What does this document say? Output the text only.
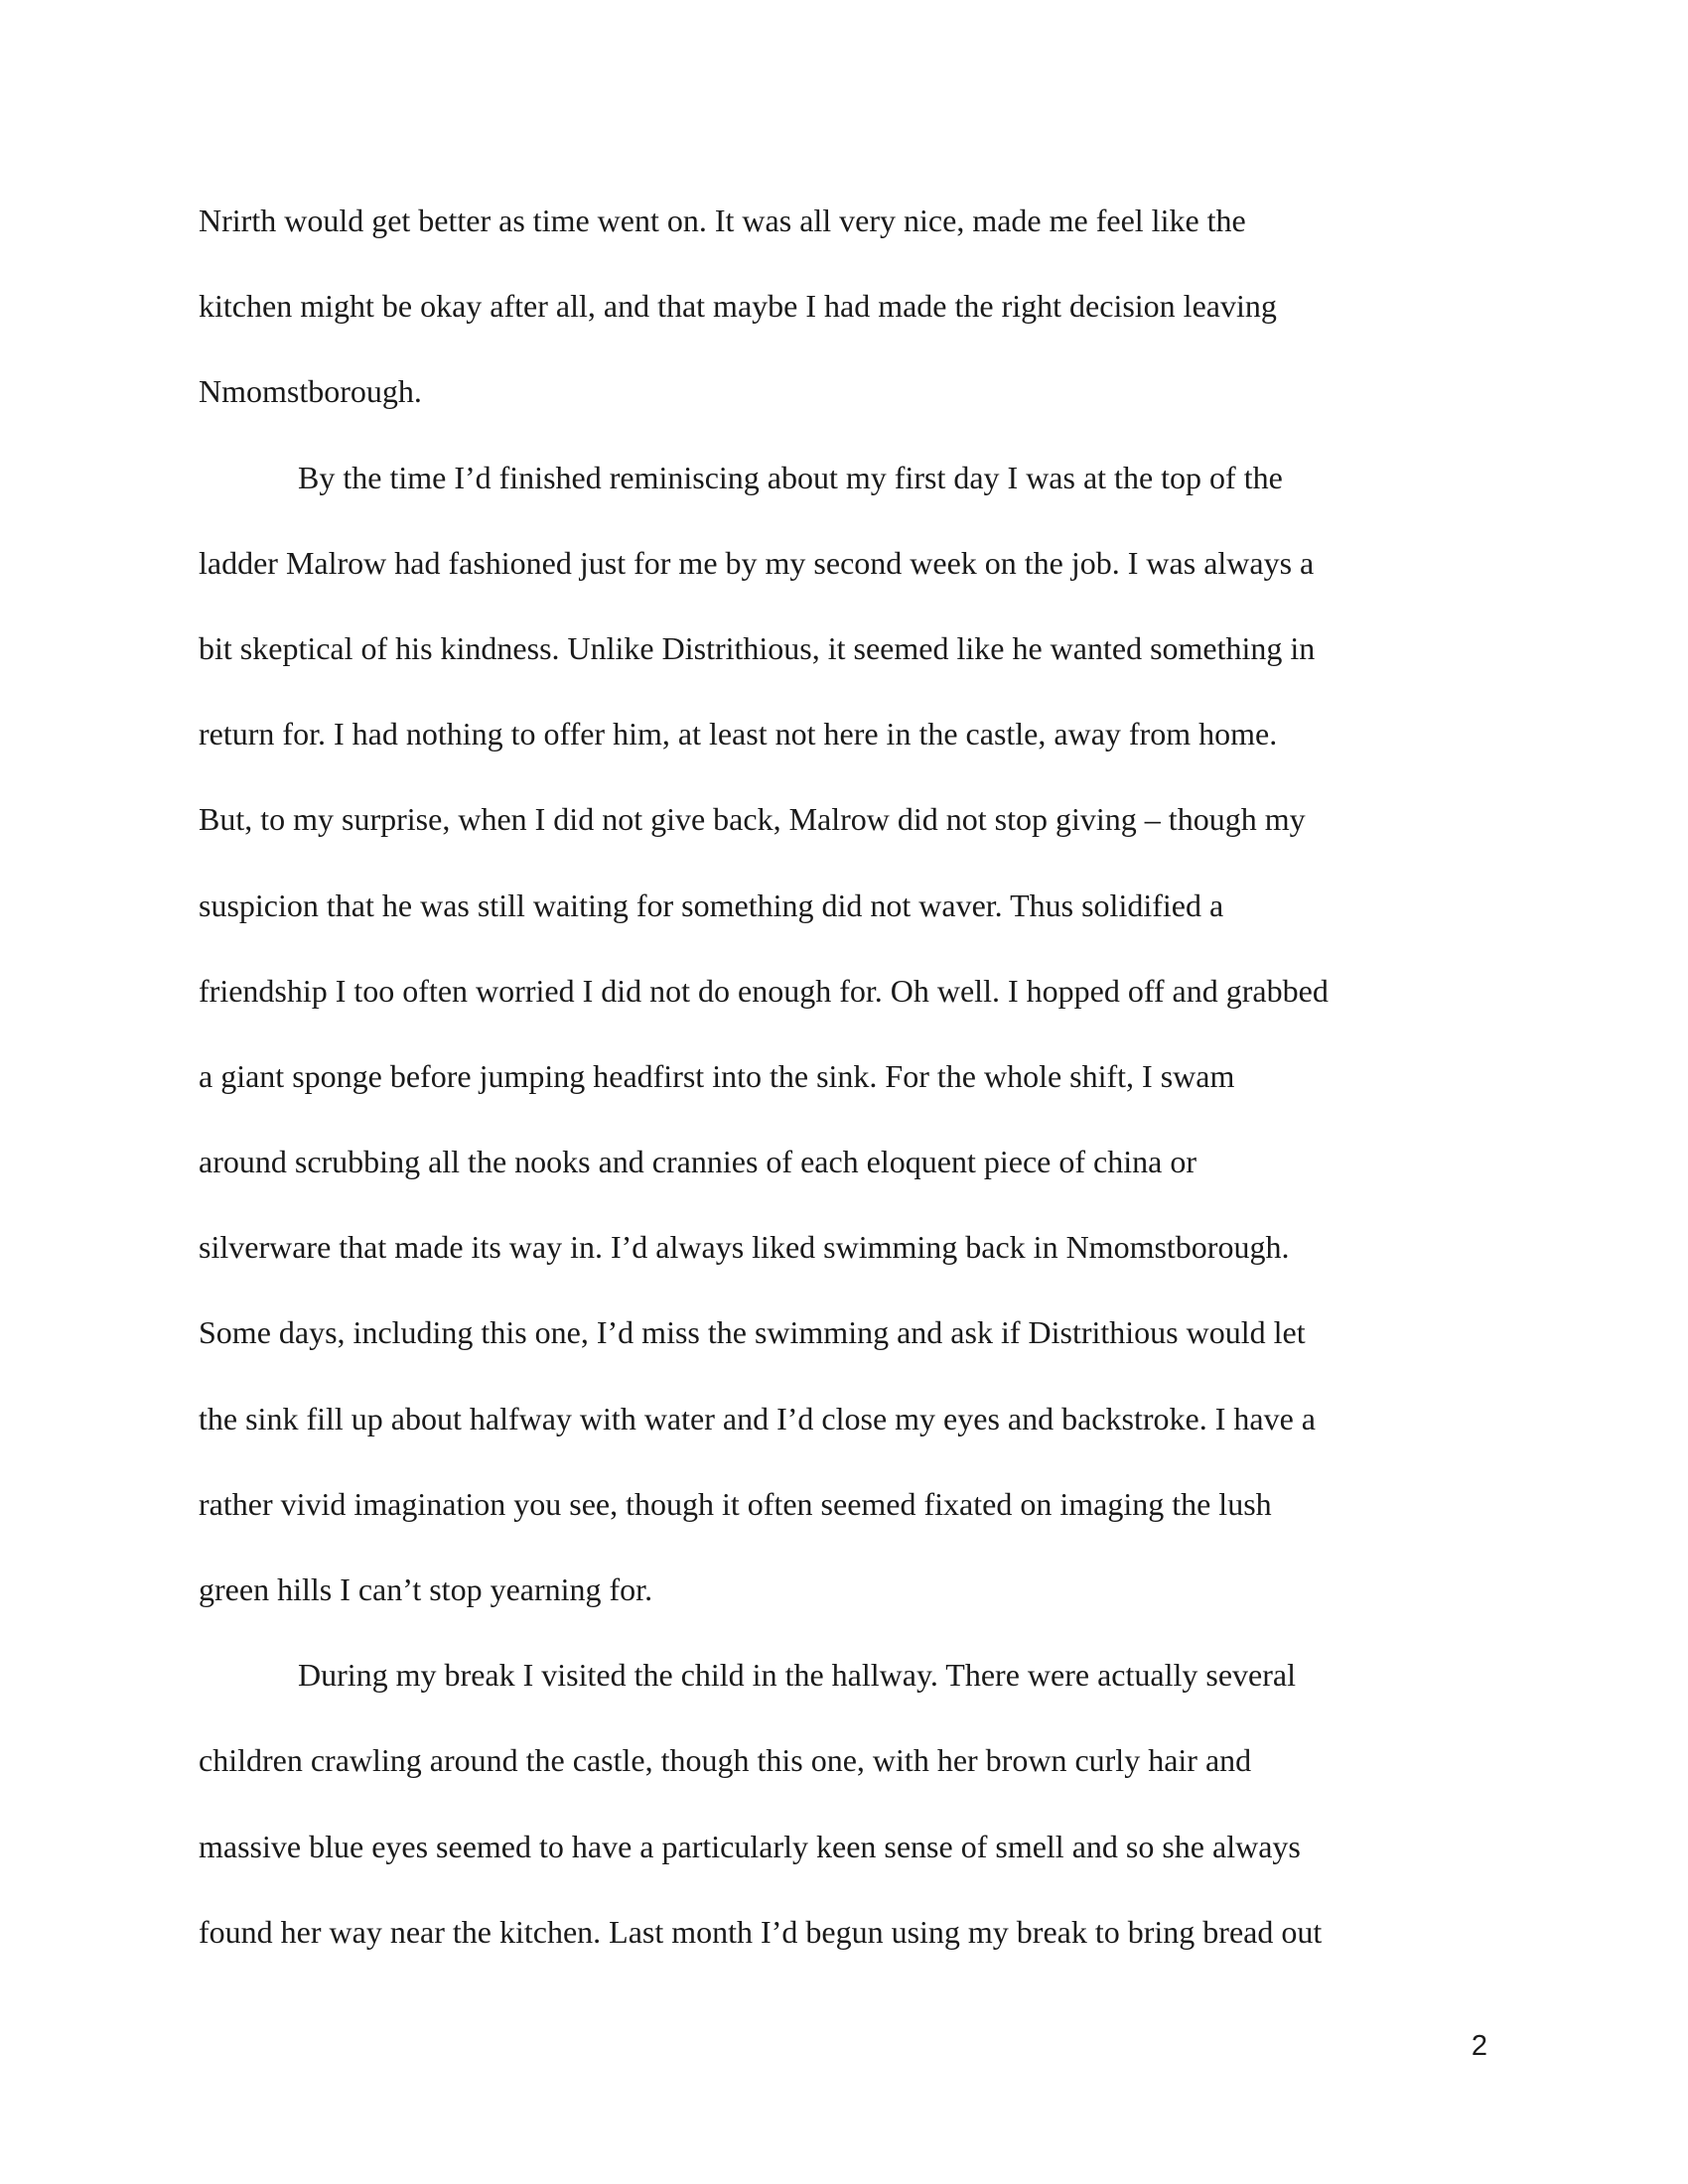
Nrirth would get better as time went on. It was all very nice, made me feel like the
kitchen might be okay after all, and that maybe I had made the right decision leaving
Nmomstborough.
By the time I’d finished reminiscing about my first day I was at the top of the
ladder Malrow had fashioned just for me by my second week on the job. I was always a
bit skeptical of his kindness. Unlike Distrithious, it seemed like he wanted something in
return for. I had nothing to offer him, at least not here in the castle, away from home.
But, to my surprise, when I did not give back, Malrow did not stop giving – though my
suspicion that he was still waiting for something did not waver. Thus solidified a
friendship I too often worried I did not do enough for. Oh well. I hopped off and grabbed
a giant sponge before jumping headfirst into the sink. For the whole shift, I swam
around scrubbing all the nooks and crannies of each eloquent piece of china or
silverware that made its way in. I’d always liked swimming back in Nmomstborough.
Some days, including this one, I’d miss the swimming and ask if Distrithious would let
the sink fill up about halfway with water and I’d close my eyes and backstroke. I have a
rather vivid imagination you see, though it often seemed fixated on imaging the lush
green hills I can’t stop yearning for.
During my break I visited the child in the hallway. There were actually several
children crawling around the castle, though this one, with her brown curly hair and
massive blue eyes seemed to have a particularly keen sense of smell and so she always
found her way near the kitchen. Last month I’d begun using my break to bring bread out
2
